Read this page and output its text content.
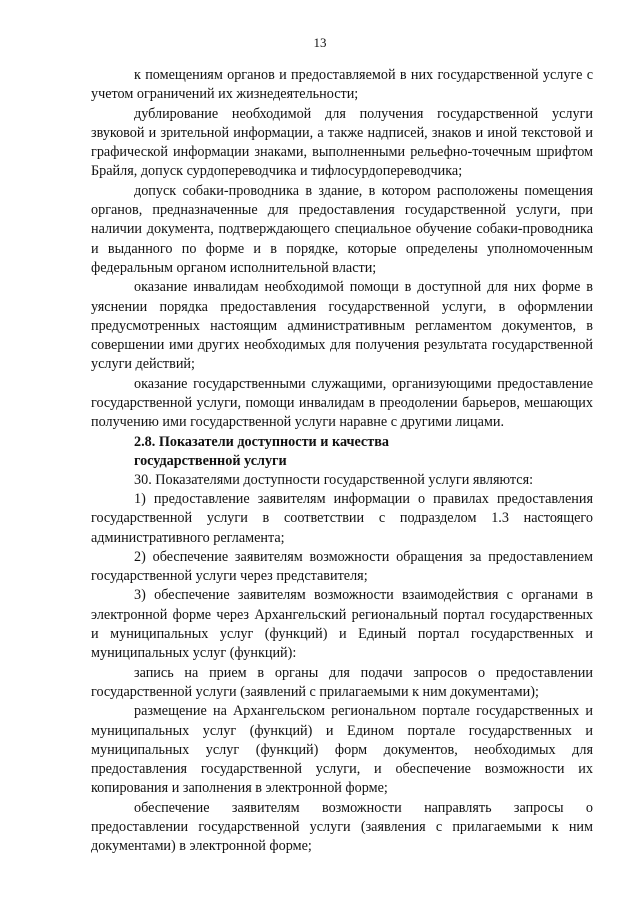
13

к помещениям органов и предоставляемой в них государственной услуге с учетом ограничений их жизнедеятельности;

дублирование необходимой для получения государственной услуги звуковой и зрительной информации, а также надписей, знаков и иной текстовой и графической информации знаками, выполненными рельефно-точечным шрифтом Брайля, допуск сурдопереводчика и тифлосурдопереводчика;

допуск собаки-проводника в здание, в котором расположены помещения органов, предназначенные для предоставления государственной услуги, при наличии документа, подтверждающего специальное обучение собаки-проводника и выданного по форме и в порядке, которые определены уполномоченным федеральным органом исполнительной власти;

оказание инвалидам необходимой помощи в доступной для них форме в уяснении порядка предоставления государственной услуги, в оформлении предусмотренных настоящим административным регламентом документов, в совершении ими других необходимых для получения результата государственной услуги действий;

оказание государственными служащими, организующими предоставление государственной услуги, помощи инвалидам в преодолении барьеров, мешающих получению ими государственной услуги наравне с другими лицами.

2.8. Показатели доступности и качества
государственной услуги

30. Показателями доступности государственной услуги являются:

1) предоставление заявителям информации о правилах предоставления государственной услуги в соответствии с подразделом 1.3 настоящего административного регламента;

2) обеспечение заявителям возможности обращения за предоставлением государственной услуги через представителя;

3) обеспечение заявителям возможности взаимодействия с органами в электронной форме через Архангельский региональный портал государственных и муниципальных услуг (функций) и Единый портал государственных и муниципальных услуг (функций):

запись на прием в органы для подачи запросов о предоставлении государственной услуги (заявлений с прилагаемыми к ним документами);

размещение на Архангельском региональном портале государственных и муниципальных услуг (функций) и Едином портале государственных и муниципальных услуг (функций) форм документов, необходимых для предоставления государственной услуги, и обеспечение возможности их копирования и заполнения в электронной форме;

обеспечение заявителям возможности направлять запросы о предоставлении государственной услуги (заявления с прилагаемыми к ним документами) в электронной форме;
